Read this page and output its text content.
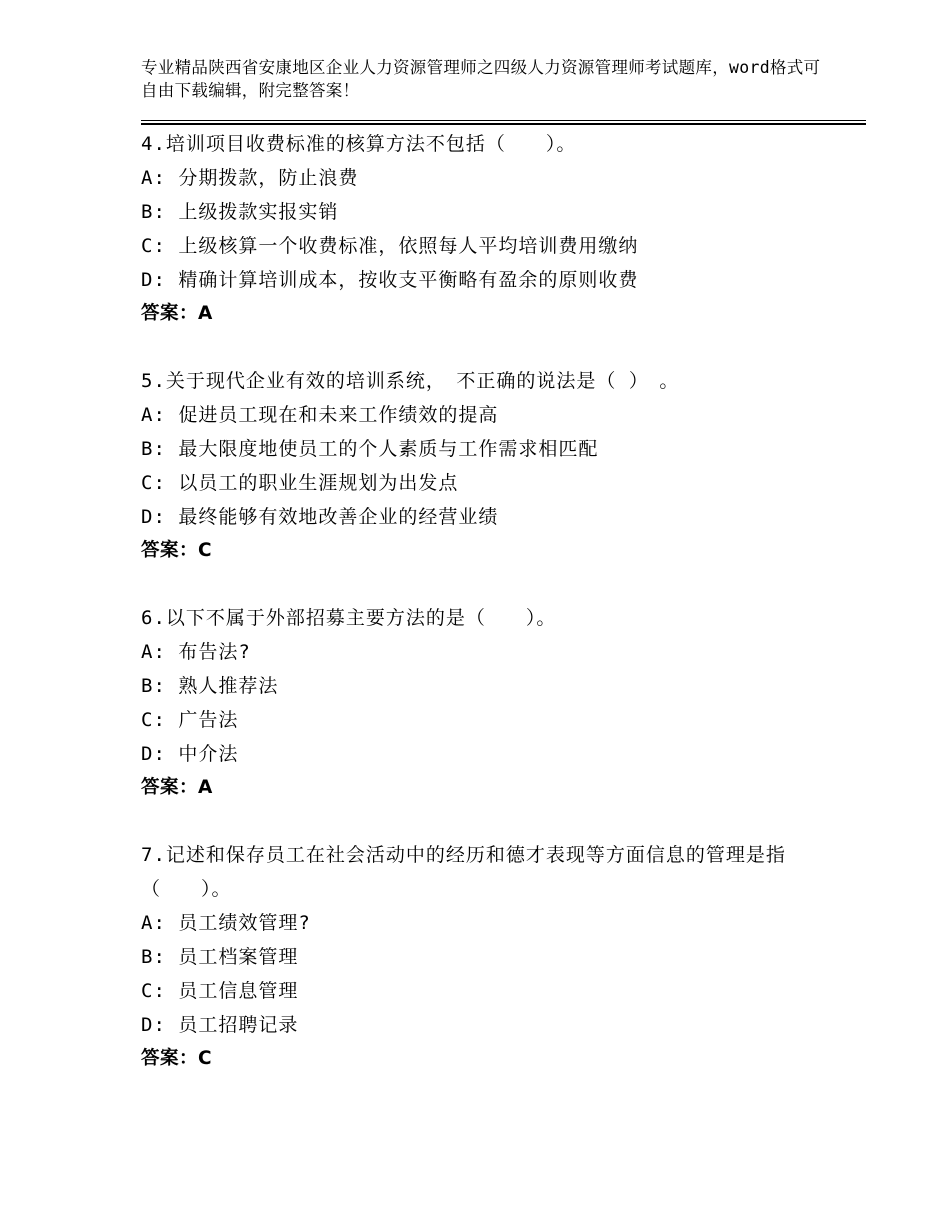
专业精品陕西省安康地区企业人力资源管理师之四级人力资源管理师考试题库，word格式可自由下载编辑，附完整答案！
4.培训项目收费标准的核算方法不包括（　　）。
A: 分期拨款，防止浪费
B: 上级拨款实报实销
C: 上级核算一个收费标准，依照每人平均培训费用缴纳
D: 精确计算培训成本，按收支平衡略有盈余的原则收费
答案：A
5.关于现代企业有效的培训系统，　不正确的说法是（ ）　。
A: 促进员工现在和未来工作绩效的提高
B: 最大限度地使员工的个人素质与工作需求相匹配
C: 以员工的职业生涯规划为出发点
D: 最终能够有效地改善企业的经营业绩
答案：C
6.以下不属于外部招募主要方法的是（　　）。
A: 布告法?
B: 熟人推荐法
C: 广告法
D: 中介法
答案：A
7.记述和保存员工在社会活动中的经历和德才表现等方面信息的管理是指（　　）。
A: 员工绩效管理?
B: 员工档案管理
C: 员工信息管理
D: 员工招聘记录
答案：C
